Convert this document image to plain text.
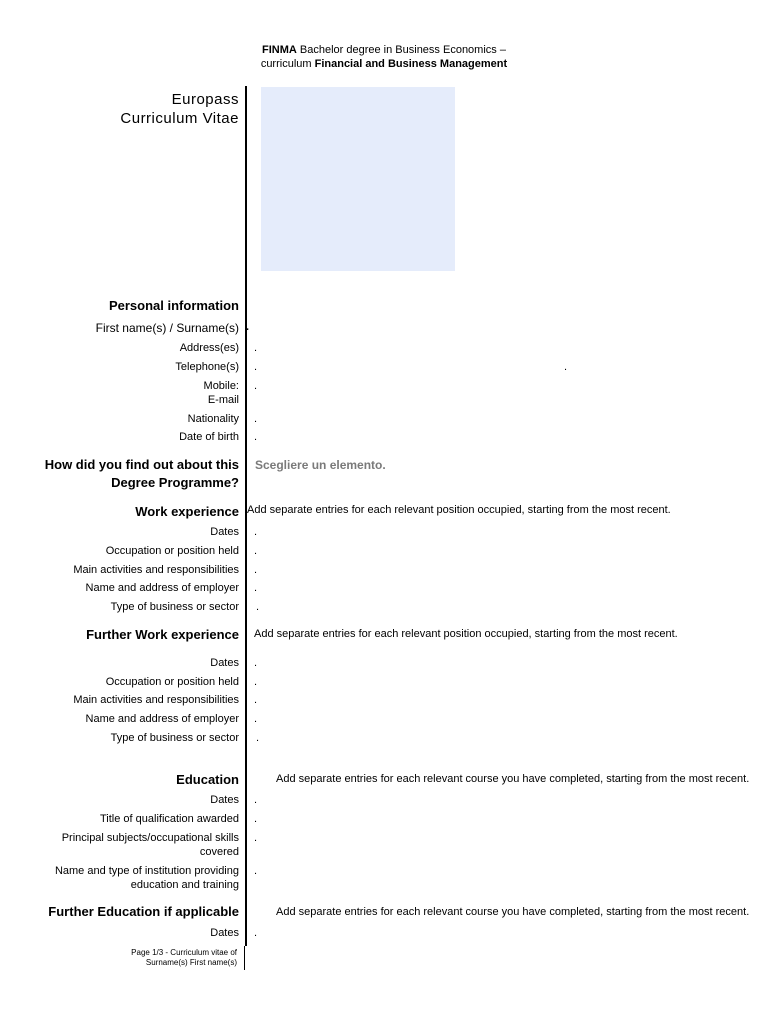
FINMA Bachelor degree in Business Economics –
curriculum Financial and Business Management
Europass
Curriculum Vitae
Personal information
First name(s) / Surname(s) .
Address(es) .
Telephone(s) .	.
Mobile: .
E-mail
Nationality .
Date of birth .
How did you find out about this
Degree Programme?
Scegliere un elemento.
Work experience Add separate entries for each relevant position occupied, starting from the most recent.
Dates .
Occupation or position held .
Main activities and responsibilities .
Name and address of employer .
Type of business or sector .
Further Work experience Add separate entries for each relevant position occupied, starting from the most recent.
Dates .
Occupation or position held .
Main activities and responsibilities .
Name and address of employer .
Type of business or sector .
Education	Add separate entries for each relevant course you have completed, starting from the most recent.
Dates .
Title of qualification awarded .
Principal subjects/occupational skills
covered
.
Name and type of institution providing
education and training
.
Further Education if applicable	Add separate entries for each relevant course you have completed, starting from the most recent.
Dates .
Page 1/3 - Curriculum vitae of
Surname(s) First name(s)
